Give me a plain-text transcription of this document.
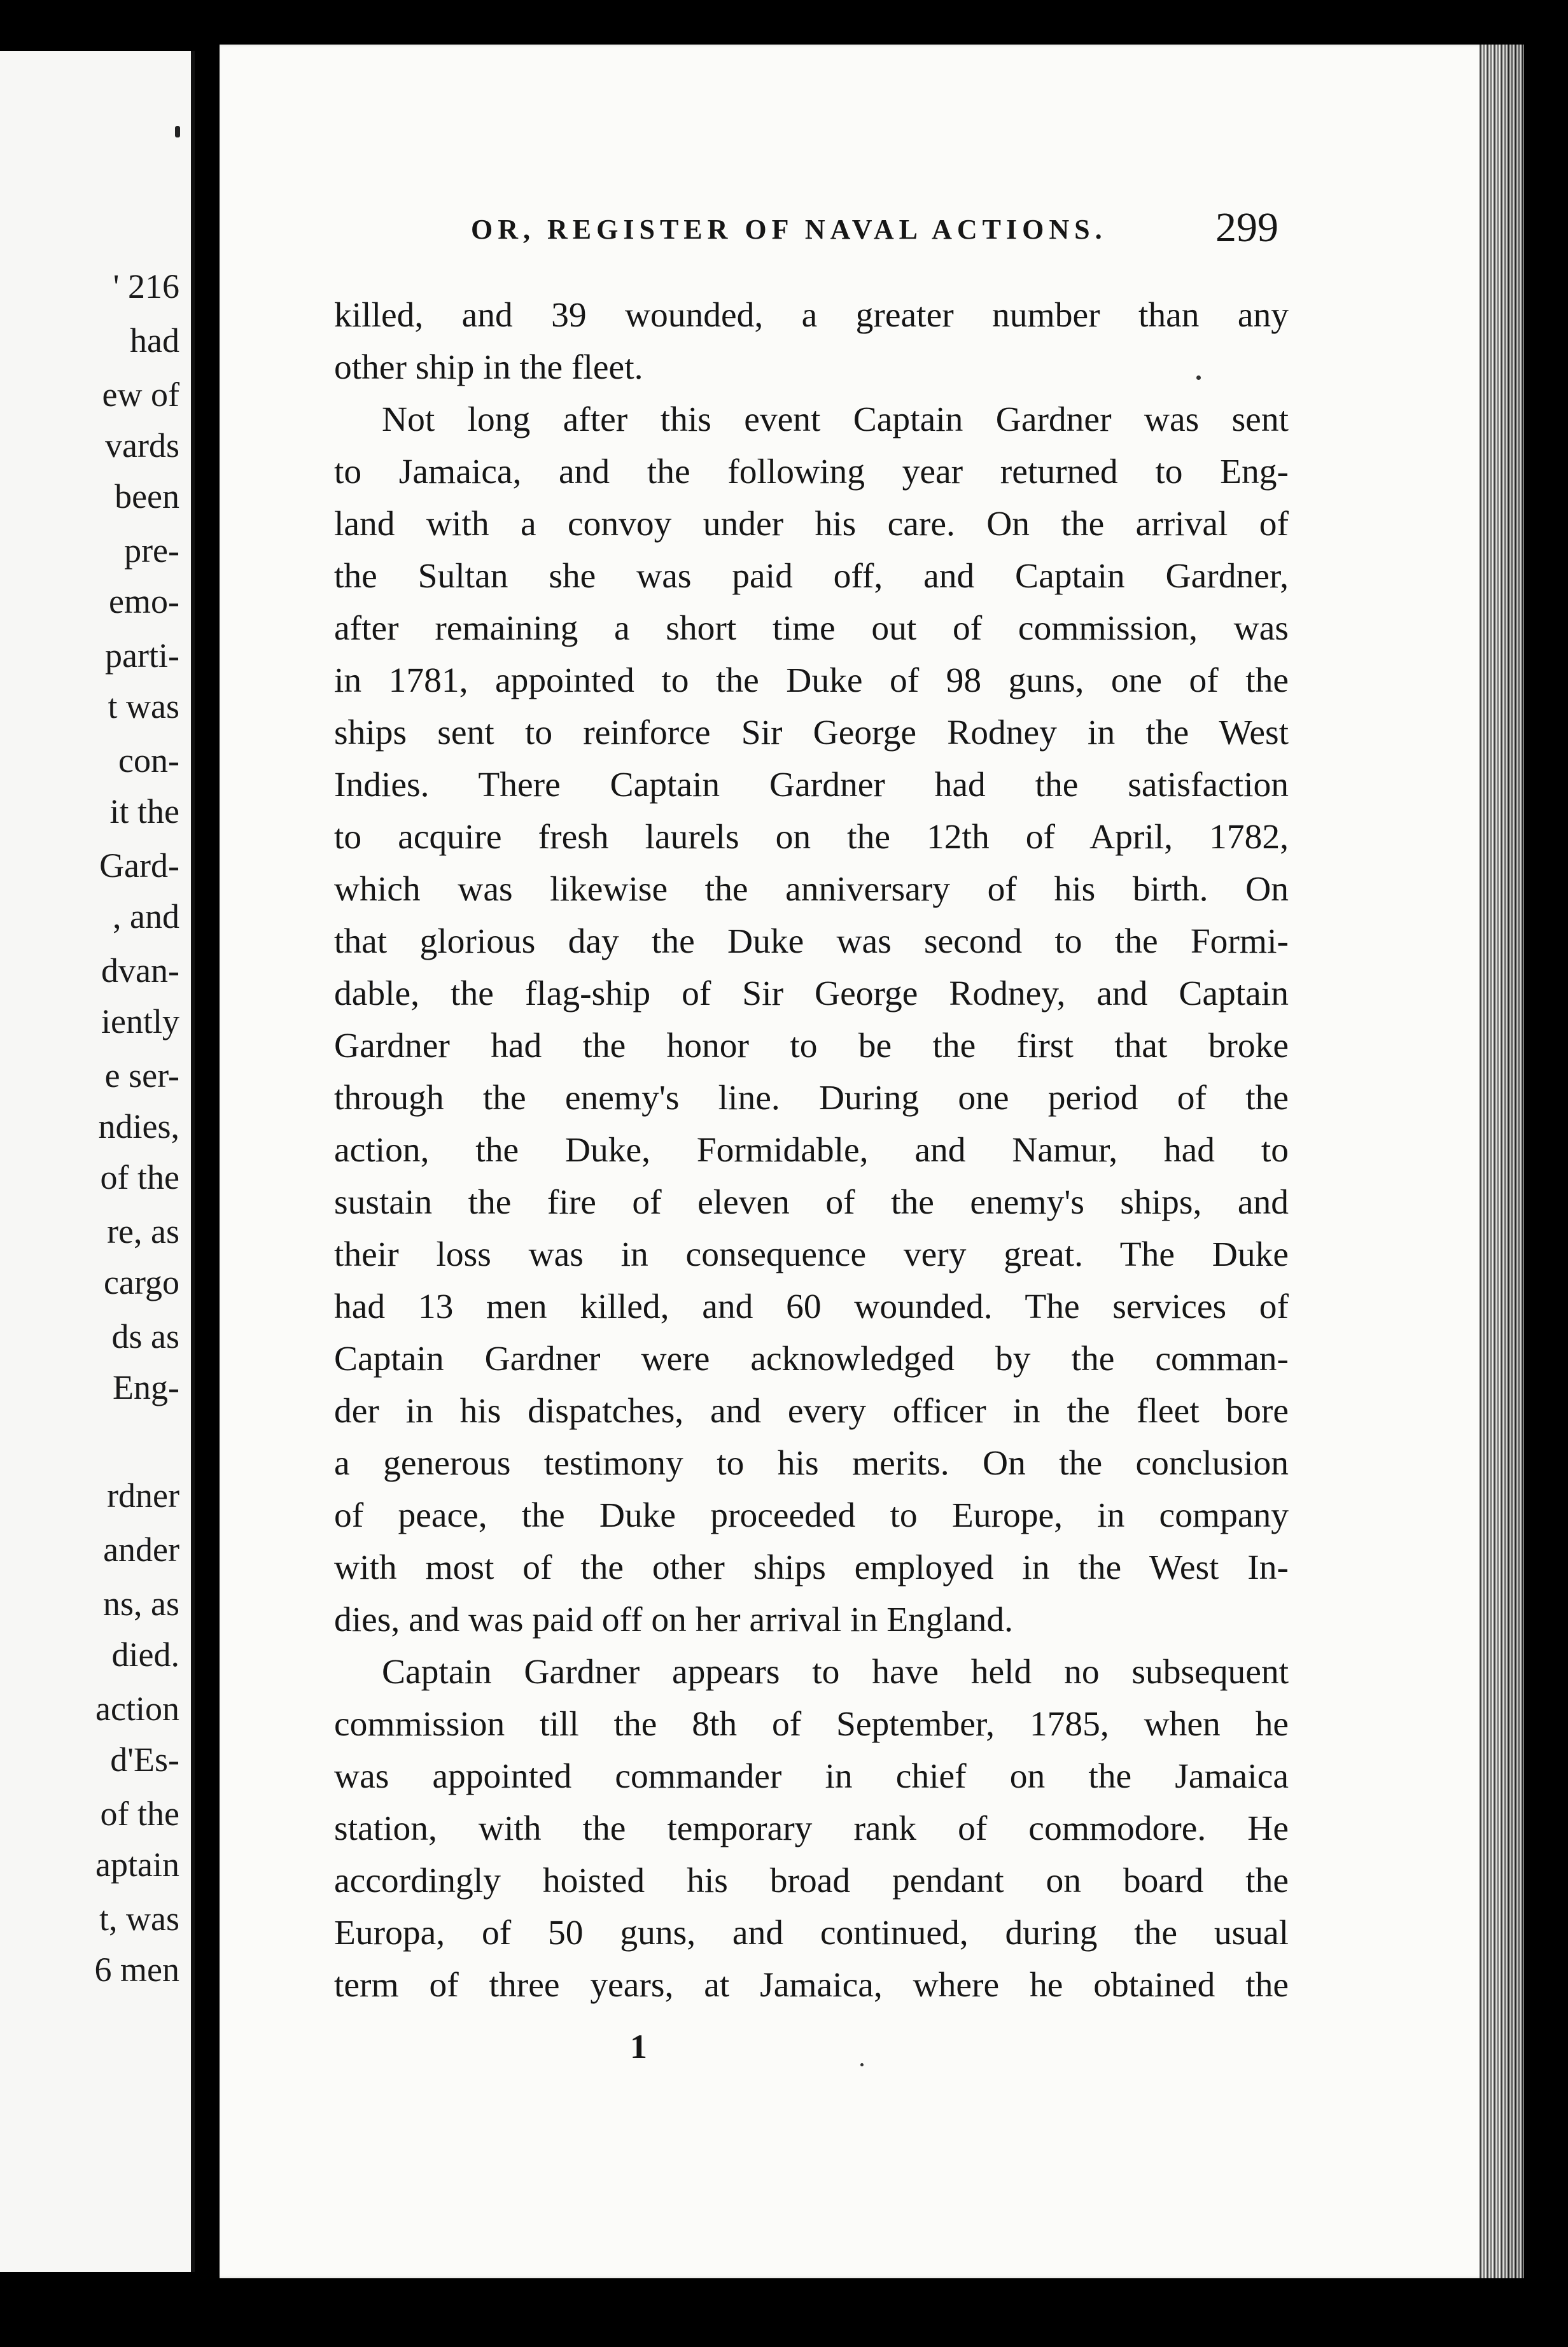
' 216
had
ew of
vards
been
pre-
emo-
parti-
t was
con-
it the
Gard-
, and
dvan-
iently
e ser-
ndies,
of the
re, as
cargo
ds as
Eng-
rdner
ander
ns, as
died.
action
d'Es-
of the
aptain
t, was
6 men
OR, REGISTER OF NAVAL ACTIONS.	299
killed, and 39 wounded, a greater number than any
other ship in the fleet.
Not long after this event Captain Gardner was sent
to Jamaica, and the following year returned to Eng-
land with a convoy under his care. On the arrival of
the Sultan she was paid off, and Captain Gardner,
after remaining a short time out of commission, was
in 1781, appointed to the Duke of 98 guns, one of the
ships sent to reinforce Sir George Rodney in the West
Indies. There Captain Gardner had the satisfaction
to acquire fresh laurels on the 12th of April, 1782,
which was likewise the anniversary of his birth. On
that glorious day the Duke was second to the Formi-
dable, the flag-ship of Sir George Rodney, and Captain
Gardner had the honor to be the first that broke
through the enemy's line. During one period of the
action, the Duke, Formidable, and Namur, had to
sustain the fire of eleven of the enemy's ships, and
their loss was in consequence very great. The Duke
had 13 men killed, and 60 wounded. The services of
Captain Gardner were acknowledged by the comman-
der in his dispatches, and every officer in the fleet bore
a generous testimony to his merits. On the conclusion
of peace, the Duke proceeded to Europe, in company
with most of the other ships employed in the West In-
dies, and was paid off on her arrival in England.
Captain Gardner appears to have held no subsequent
commission till the 8th of September, 1785, when he
was appointed commander in chief on the Jamaica
station, with the temporary rank of commodore. He
accordingly hoisted his broad pendant on board the
Europa, of 50 guns, and continued, during the usual
term of three years, at Jamaica, where he obtained the
1
